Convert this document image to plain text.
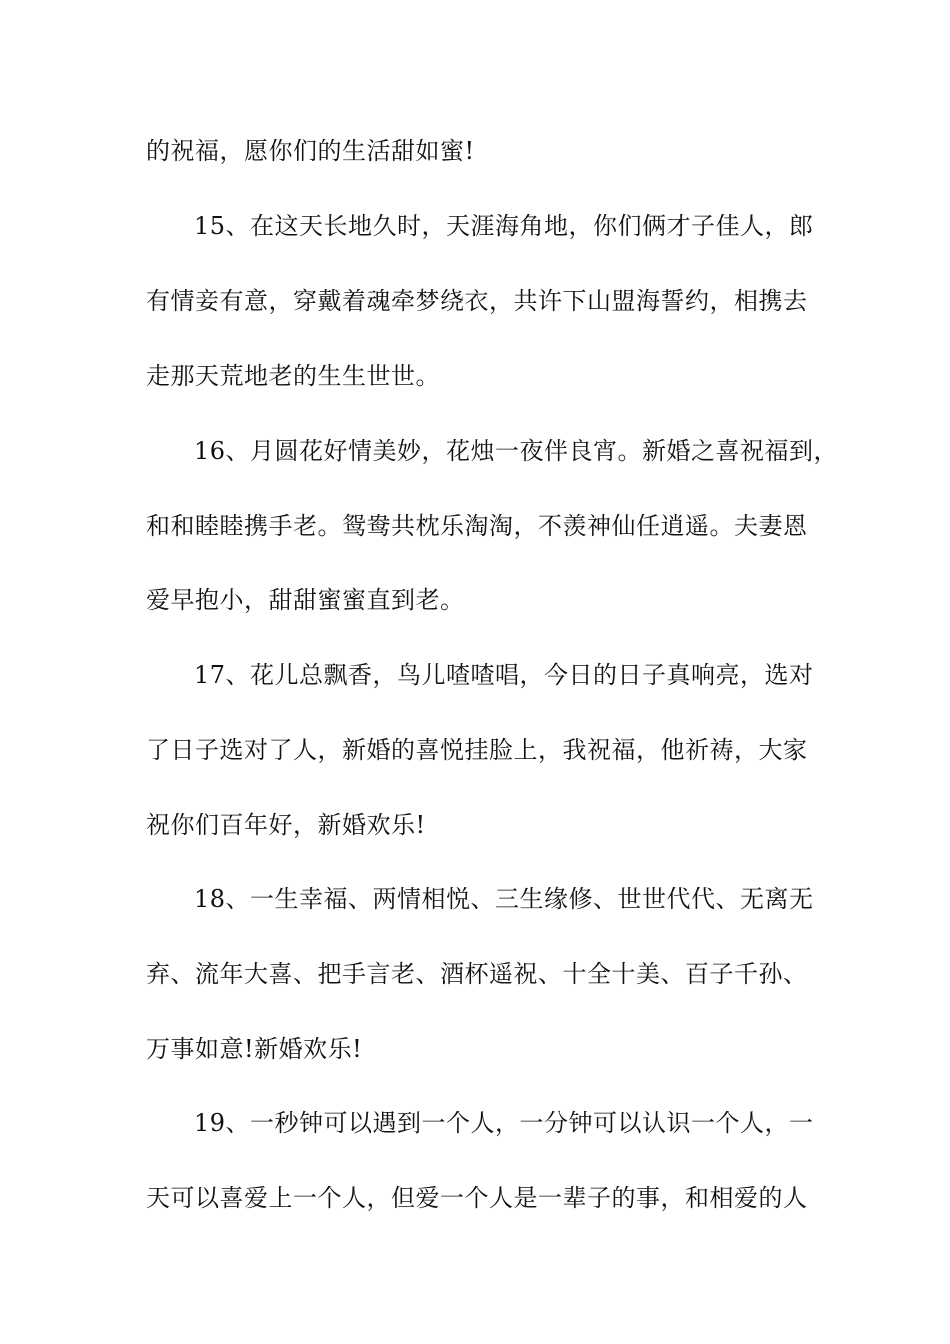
的祝福，愿你们的生活甜如蜜!
15、在这天长地久时，天涯海角地，你们俩才子佳人，郎
有情妾有意，穿戴着魂牵梦绕衣，共许下山盟海誓约，相携去
走那天荒地老的生生世世。
16、月圆花好情美妙，花烛一夜伴良宵。新婚之喜祝福到，
和和睦睦携手老。鸳鸯共枕乐淘淘，不羡神仙任逍遥。夫妻恩
爱早抱小，甜甜蜜蜜直到老。
17、花儿总飘香，鸟儿喳喳唱，今日的日子真响亮，选对
了日子选对了人，新婚的喜悦挂脸上，我祝福，他祈祷，大家
祝你们百年好，新婚欢乐!
18、一生幸福、两情相悦、三生缘修、世世代代、无离无
弃、流年大喜、把手言老、酒杯遥祝、十全十美、百子千孙、
万事如意!新婚欢乐!
19、一秒钟可以遇到一个人，一分钟可以认识一个人，一
天可以喜爱上一个人，但爱一个人是一辈子的事，和相爱的人
